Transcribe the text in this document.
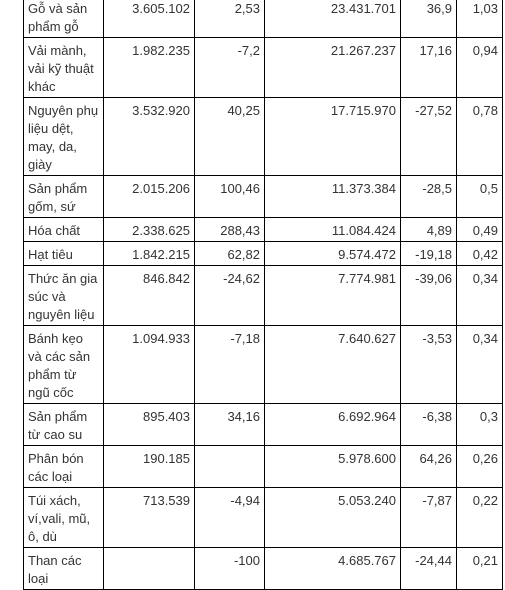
Gỗ và sản phẩm gỗ	3.605.102	2,53	23.431.701	36,9	1,03
Vải mành, vải kỹ thuật khác	1.982.235	-7,2	21.267.237	17,16	0,94
Nguyên phụ liệu dệt, may, da, giày	3.532.920	40,25	17.715.970	-27,52	0,78
Sản phẩm gốm, sứ	2.015.206	100,46	11.373.384	-28,5	0,5
Hóa chất	2.338.625	288,43	11.084.424	4,89	0,49
Hạt tiêu	1.842.215	62,82	9.574.472	-19,18	0,42
Thức ăn gia súc và nguyên liệu	846.842	-24,62	7.774.981	-39,06	0,34
Bánh kẹo và các sản phẩm từ ngũ cốc	1.094.933	-7,18	7.640.627	-3,53	0,34
Sản phẩm từ cao su	895.403	34,16	6.692.964	-6,38	0,3
Phân bón các loại	190.185		5.978.600	64,26	0,26
Túi xách, ví,vali, mũ, ô, dù	713.539	-4,94	5.053.240	-7,87	0,22
Than các loại		-100	4.685.767	-24,44	0,21
